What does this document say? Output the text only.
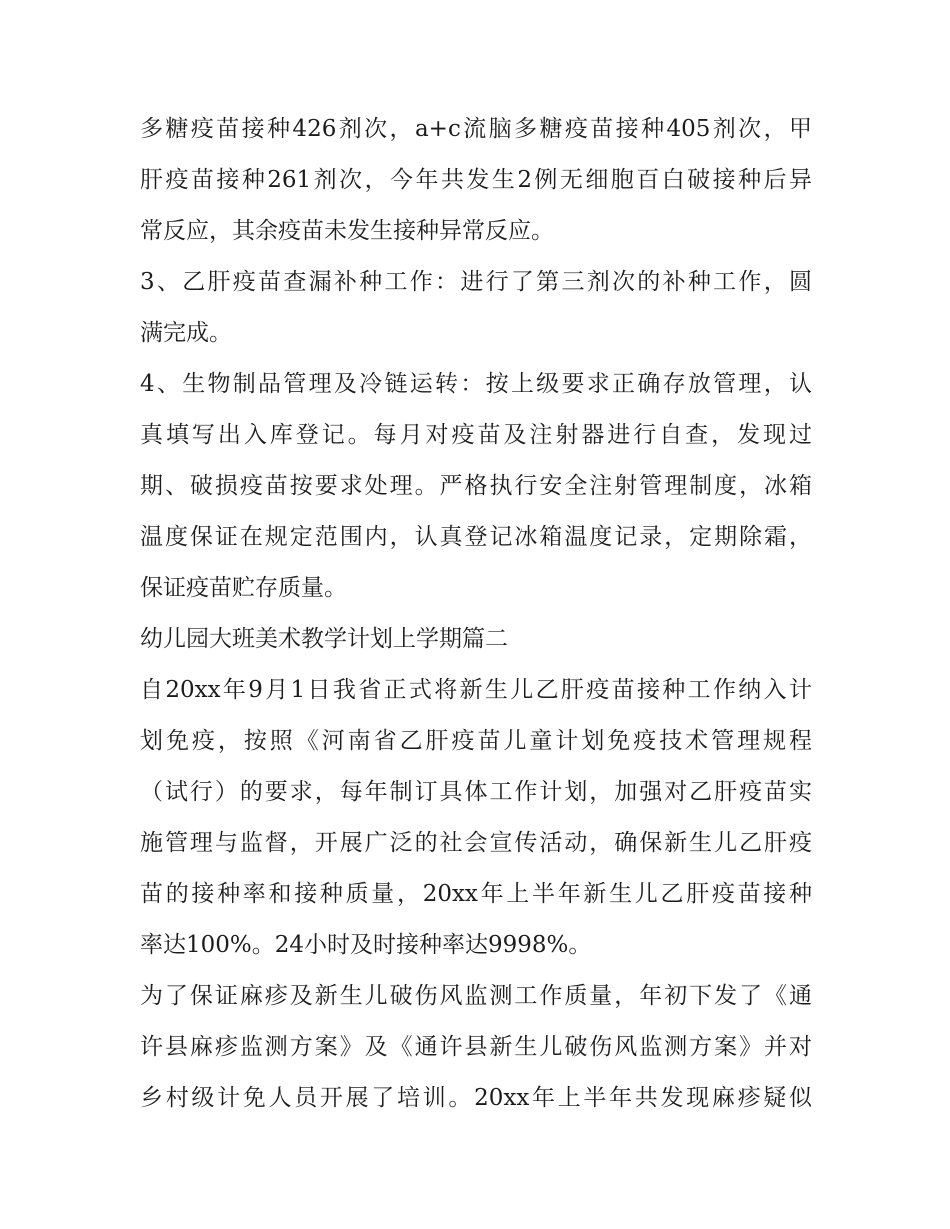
多糖疫苗接种426剂次，a+c流脑多糖疫苗接种405剂次，甲
肝疫苗接种261剂次，今年共发生2例无细胞百白破接种后异
常反应，其余疫苗未发生接种异常反应。
3、乙肝疫苗查漏补种工作：进行了第三剂次的补种工作，圆
满完成。
4、生物制品管理及冷链运转：按上级要求正确存放管理，认
真填写出入库登记。每月对疫苗及注射器进行自查，发现过
期、破损疫苗按要求处理。严格执行安全注射管理制度，冰箱
温度保证在规定范围内，认真登记冰箱温度记录，定期除霜，
保证疫苗贮存质量。
幼儿园大班美术教学计划上学期篇二
自20xx年9月1日我省正式将新生儿乙肝疫苗接种工作纳入计
划免疫，按照《河南省乙肝疫苗儿童计划免疫技术管理规程
（试行）的要求，每年制订具体工作计划，加强对乙肝疫苗实
施管理与监督，开展广泛的社会宣传活动，确保新生儿乙肝疫
苗的接种率和接种质量，20xx年上半年新生儿乙肝疫苗接种
率达100%。24小时及时接种率达9998%。
为了保证麻疹及新生儿破伤风监测工作质量，年初下发了《通
许县麻疹监测方案》及《通许县新生儿破伤风监测方案》并对
乡村级计免人员开展了培训。20xx年上半年共发现麻疹疑似
